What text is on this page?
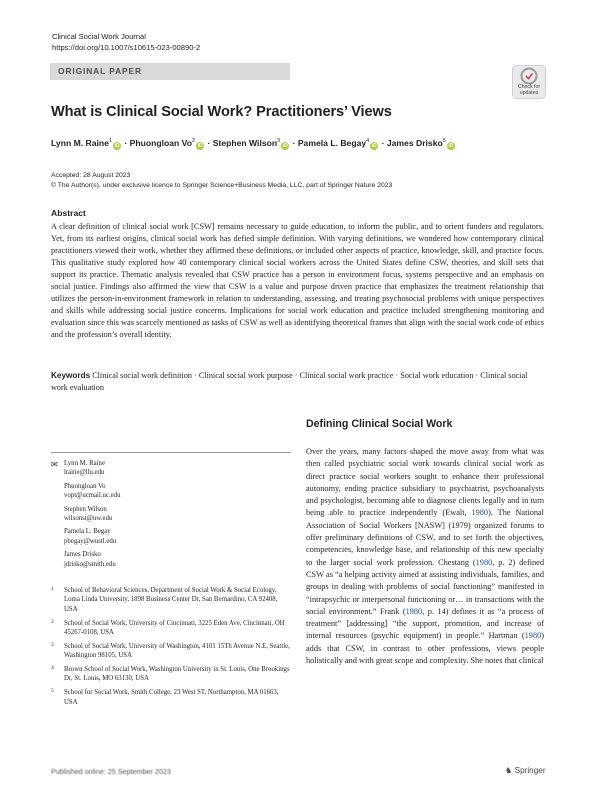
Clinical Social Work Journal
https://doi.org/10.1007/s10615-023-00890-2
ORIGINAL PAPER
Check for
updates
What is Clinical Social Work? Practitioners’ Views
Lynn M. Raine$^1$iD · Phuongloan $Vo^2iD$ · Stephen Wilson$^3$iD · Pamela L. Begay$^4$iD · James Drisko$^5$iD
Accepted: 28 August 2023
© The Author(s), under exclusive licence to Springer Science+Business Media, LLC, part of Springer Nature 2023
Abstract
A clear definition of clinical social work [CSW] remains necessary to guide education, to inform the public, and to orient funders and regulators. Yet, from its earliest origins, clinical social work has defied simple definition. With varying definitions, we wondered how contemporary clinical practitioners viewed their work, whether they affirmed these definitions, or included other aspects of practice, knowledge, skill, and practice focus. This qualitative study explored how 40 contemporary clinical social workers across the United States define CSW, theories, and skill sets that support its practice. Thematic analysis revealed that CSW practice has a person in environment focus, systems perspective and an emphasis on social justice. Findings also affirmed the view that CSW is a value and purpose driven practice that emphasizes the treatment relationship that utilizes the person-in-environment framework in relation to understanding, assessing, and treating psychosocial problems with unique perspectives and skills while addressing social justice concerns. Implications for social work education and practice included strengthening monitoring and evaluation since this was scarcely mentioned as tasks of CSW as well as identifying theoretical frames that align with the social work code of ethics and the profession’s overall identity.
Keywords Clinical social work definition · Clinical social work purpose · Clinical social work practice · Social work education · Clinical social work evaluation
✉ Lynn M. Raine
lraine@llu.edu
Phuongloan Vo
vopt@ucmail.uc.edu
Stephen Wilson
wilsonst@uw.edu
Pamela L. Begay
pbegay@wustl.edu
James Drisko
jdrisko@smith.edu
1 School of Behavioral Sciences, Department of Social Work & Social Ecology, Loma Linda University, 1898 Business Center Dr, San Bernardino, CA 92408, USA
2 School of Social Work, University of Cincinnati, 3225 Eden Ave, Cincinnati, OH 45267-0108, USA
3 School of Social Work, University of Washington, 4101 15Th Avenue N.E, Seattle, Washington 98105, USA
4 Brown School of Social Work, Washington University in St. Louis, One Brookings Dr, St. Louis, MO 63130, USA
5 School for Social Work, Smith College, 23 West ST, Northampton, MA 01663, USA
Defining Clinical Social Work
Over the years, many factors shaped the move away from what was then called psychiatric social work towards clinical social work as direct practice social workers sought to enhance their professional autonomy, ending practice subsidiary to psychiatrist, psychoanalysts and psychologist, becoming able to diagnose clients legally and in turn being able to practice independently (Ewalt, 1980). The National Association of Social Workers [NASW] (1979) organized forums to offer preliminary definitions of CSW, and to set forth the objectives, competencies, knowledge base, and relationship of this new specialty to the larger social work profession. Chestang (1980, p. 2) defined CSW as “a helping activity aimed at assisting individuals, families, and groups in dealing with problems of social functioning” manifested in “intrapsychic or interpersonal functioning or… in transactions with the social environment.” Frank (1980, p. 14) defines it as “a process of treatment” [addressing] “the support, promotion, and increase of internal resources (psychic equipment) in people.” Hartman (1980) adds that CSW, in contrast to other professions, views people holistically and with great scope and complexity. She notes that clinical
Published online: 25 September 2023	♞ Springer
